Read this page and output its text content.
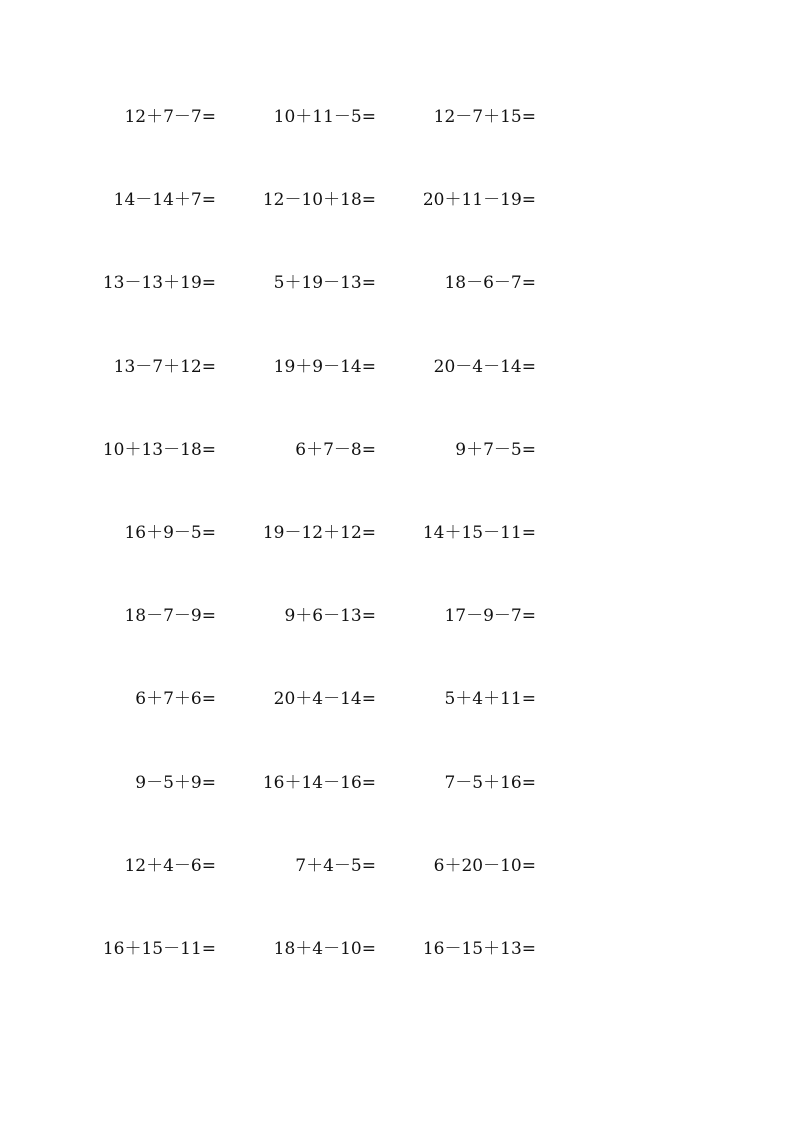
12＋7－7=	10＋11－5=	12－7＋15=
14－14＋7=	12－10＋18=	20＋11－19=
13－13＋19=	5＋19－13=	18－6－7=
13－7＋12=	19＋9－14=	20－4－14=
10＋13－18=	6＋7－8=	9＋7－5=
16＋9－5=	19－12＋12=	14＋15－11=
18－7－9=	9＋6－13=	17－9－7=
6＋7＋6=	20＋4－14=	5＋4＋11=
9－5＋9=	16＋14－16=	7－5＋16=
12＋4－6=	7＋4－5=	6＋20－10=
16＋15－11=	18＋4－10=	16－15＋13=
